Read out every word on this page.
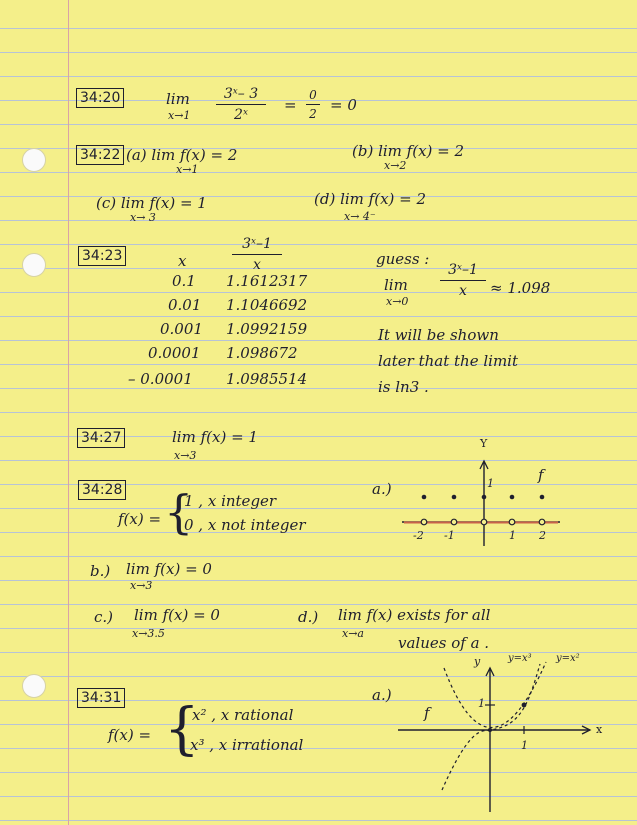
34:20	lim
x→1
3ˣ– 3
2ˣ
=
0
2 = 0
34:22 (a) lim f(x) = 2
x→1
(b) lim f(x) = 2
x→2
(c) lim f(x) = 1
x→ 3
(d) lim f(x) = 2
x→ 4⁻
34:23	x
3ˣ–1
x
0.1 1.1612317
0.01 1.1046692
0.001 1.0992159
0.0001 1.098672
– 0.0001 1.0985514
guess :
lim
x→0
3ˣ–1
x	≈ 1.098
It will be shown
later that the limit
is ln3 .
34:27	lim f(x) = 1
x→3
34:28
f(x) = {
1 , x integer
0 , x not integer
a.)
Y
f
1
-2 -1	1 2
b.) lim f(x) = 0
x→3
c.) lim f(x) = 0
x→3.5
d.) lim f(x) exists for all
x→a
values of a .
34:31
f(x) = {
x² , x rational
x³ , x irrational
a.)
y	y=x³ y=x²
1
1
f
x
